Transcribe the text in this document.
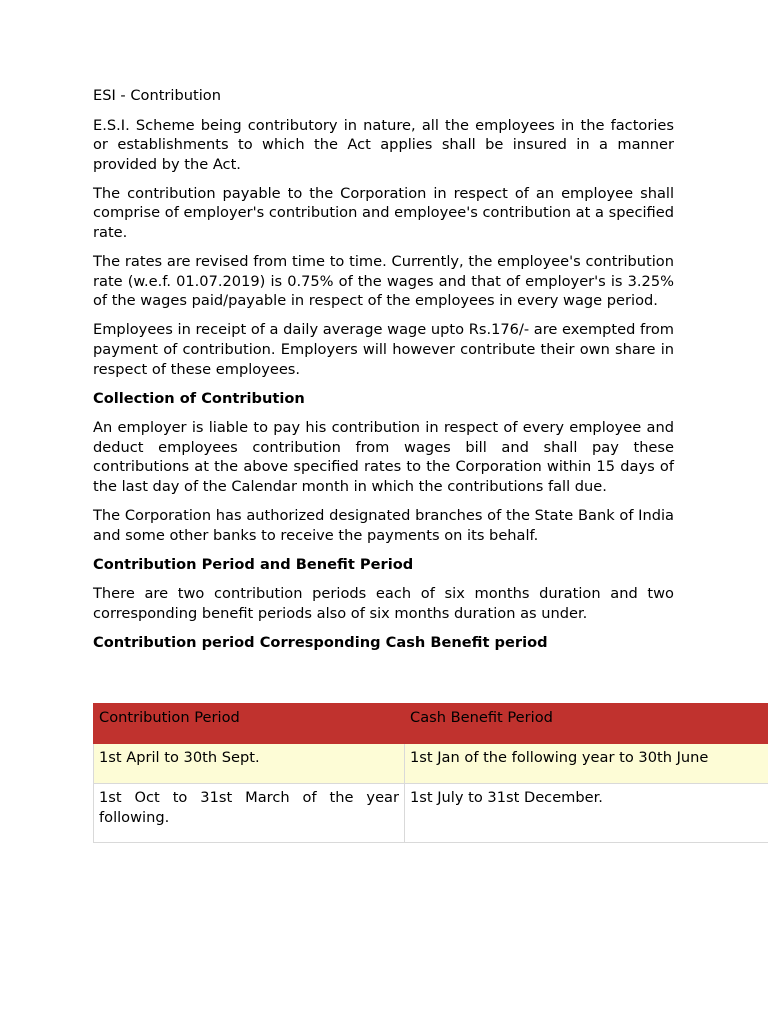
ESI - Contribution

E.S.I. Scheme being contributory in nature, all the employees in the factories or establishments to which the Act applies shall be insured in a manner provided by the Act.

The contribution payable to the Corporation in respect of an employee shall comprise of employer's contribution and employee's contribution at a specified rate.

The rates are revised from time to time. Currently, the employee's contribution rate (w.e.f. 01.07.2019) is 0.75% of the wages and that of employer's is 3.25% of the wages paid/payable in respect of the employees in every wage period.

Employees in receipt of a daily average wage upto Rs.176/- are exempted from payment of contribution. Employers will however contribute their own share in respect of these employees.

Collection of Contribution

An employer is liable to pay his contribution in respect of every employee and deduct employees contribution from wages bill and shall pay these contributions at the above specified rates to the Corporation within 15 days of the last day of the Calendar month in which the contributions fall due.

The Corporation has authorized designated branches of the State Bank of India and some other banks to receive the payments on its behalf.

Contribution Period and Benefit Period

There are two contribution periods each of six months duration and two corresponding benefit periods also of six months duration as under.

Contribution period Corresponding Cash Benefit period
Contribution Period	Cash Benefit Period
1st April to 30th Sept.	1st Jan of the following year to 30th June
1st Oct to 31st March of the year following.	1st July to 31st December.
